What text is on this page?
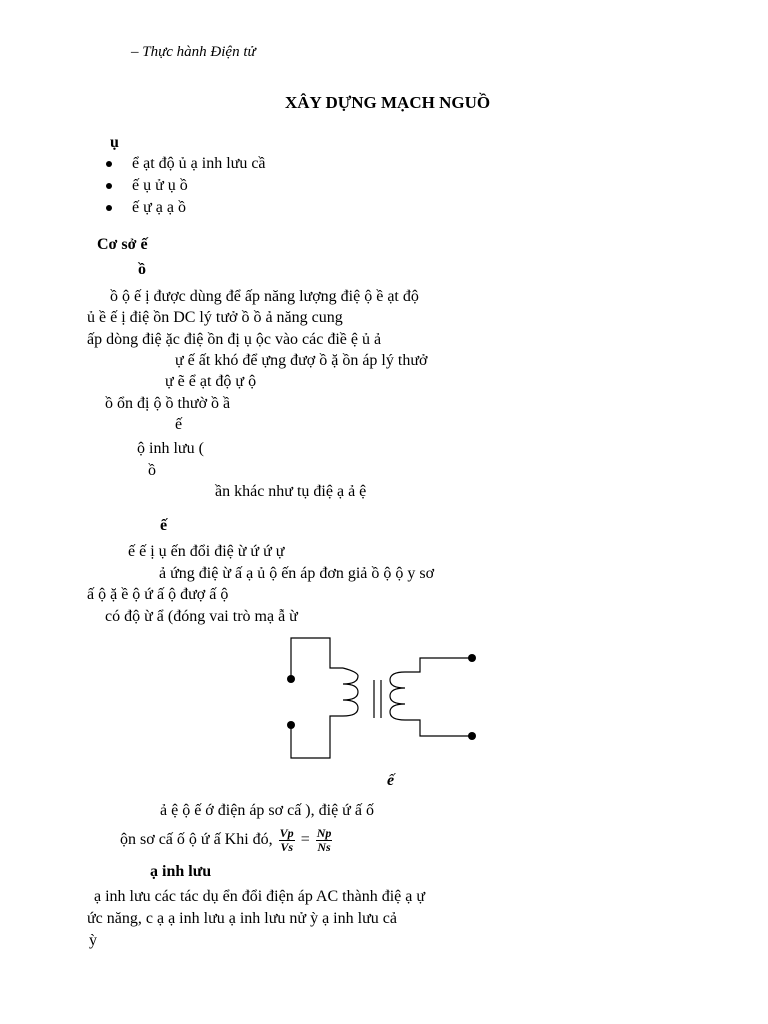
– Thực hành Điện tử
XÂY DỰNG MẠCH NGUỒ
ụ
ể ạt độ ủ ạ inh lưu cầ
ế ụ ử ụ ồ
ế ự ạ ạ ồ
Cơ sở ế
ồ
ồ ộ ế ị được dùng để ấp năng lượng điệ ộ ề ạt độ
ủ ề ế ị điệ ồn DC lý tưở ồ ồ ả năng cung
ấp dòng điệ ặc điệ ồn đị ụ ộc vào các điề ệ ủ ả
ự ế ất khó để ựng đượ ồ ặ ồn áp lý thưở
ự ẽ ể ạt độ ự ộ
ồ ổn đị ộ ồ thườ ồ ầ
ế
ộ inh lưu (
ồ
ần khác như tụ điệ ạ ả ệ
ế
ế ế ị ụ ến đổi điệ ừ ứ ứ ự
ả ứng điệ ừ ấ ạ ủ ộ ến áp đơn giả ồ ộ ộ y sơ
ấ ộ ặ ề ộ ứ ấ ộ đượ ấ ộ
có độ ừ ẩ (đóng vai trò mạ ẫ ừ
ế
ả ệ ộ ế ớ điện áp sơ cấ ), điệ ứ ấ ố
ộn sơ cấ ố ộ ứ ấ Khi đó, $\frac{Vp}{Vs} = \frac{Np}{Ns}$
ạ inh lưu
ạ inh lưu các tác dụ ển đổi điện áp AC thành điệ ạ ự
ức năng, c ạ ạ inh lưu ạ inh lưu nử ỳ ạ inh lưu cả
ỳ
